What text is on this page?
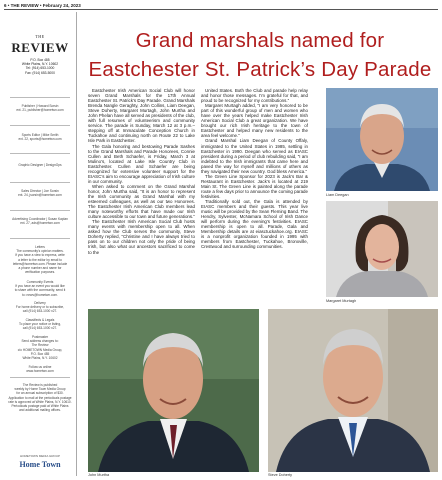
6 • THE REVIEW • February 24, 2023
THE
REVIEW
P.O. Box 485
White Plains, N.Y. 10602
Tel: (914) 653-1000
Fax: (914) 653-5000
Publisher | Howard Sorsin
ext. 21, publisher@hometwn.com
Sports Editor | Mike Smith
ext. 22, sports@hometwn.com
Graphic Designer | DesignOps
Sales Director | Joe Sorsin
ext. 24, jsorsin@hometwn.com
Advertising Coordinator | Susan Kaplan
ext. 27, ads@hometwn.com
Letters
The community's opinion matters.
If you have a view to express, write
a letter to the editor by email to
letters@hometwn.com. Please include
a phone number and name for
verification purposes.
Community Events
If you have an event you would like
to share with the community, send it
to: news@hometwn.com.
Delivery
For home delivery or to subscribe,
call (914) 653-1000 x27.
Classifieds & Legals
To place your notice or listing,
call (914) 653-1000 x27.
Postmaster
Send address changes to:
The Review
c/o HOMETOWN Media Group,
P.O. Box 485
White Plains, N.Y. 10602
Follow us online
www.hometwn.com
The Review is published
weekly by Home Town Media Group
for an annual subscription of $30.
Application to mail at the periodicals postage
rate is approved at White Plains, N.Y. 10610.
Periodicals postage paid at White Plains
and additional mailing offices.
HOMETOWN MEDIA GROUP
Home Town
Grand marshals named for
Eastchester St. Patrick’s Day Parade

Eastchester Irish American Social Club will honor seven Grand Marshals for the 17th Annual Eastchester St. Patrick’s Day Parade. Grand Marshals Brenda Nangle Geraghty, John Collins, Liam Deegan, Steve Doherty, Margaret Murtagh, John Murtha and John Phelan have all served as presidents of the club, with full resumes of volunteerism and community service. The parade is Sunday, March 12 at 3 p.m.–stepping off at Immaculate Conception Church in Tuckahoe and continuing north on Route 22 to Lake Isle Park in Eastchester.

The Gala honoring and bestowing Parade Sashes to the Grand Marshals and Parade Honorees, Connie Cullen and Beth Schaefer, is Friday, March 3 at Mulino’s, located at Lake Isle Country Club in Eastchester. Cullen and Schaefer are being recognized for extensive volunteer support for the EIASC’s aim to encourage appreciation of Irish culture in our community.

When asked to comment on the Grand Marshal honor, John Murtha said, “It is an honor to represent the Irish community as Grand Marshal with my esteemed colleagues, as well as our two Honorees. The Eastchester Irish American Club members lead many noteworthy efforts that have made our Irish culture accessible to our town and future generations.”

The Eastchester Irish American Social Club hosts many events with membership open to all. When asked how the Club serves the community, Steve Doherty replied, “Christine and I have always tried to pass on to our children not only the pride of being Irish, but also what our ancestors sacrificed to come to the

United States. Both the Club and parade help relay and honor those messages. I’m grateful for that, and proud to be recognized for my contributions.”

Margaret Murtagh added, “I am very honored to be part of this wonderful group of men and women who have over the years helped make Eastchester Irish American Social Club a great organization. We have brought our rich Irish heritage to the town of Eastchester and helped many new residents to the area feel welcome.”

Grand Marshal Liam Deegan of County Offaly, immigrated to the United States in 1985, settling in Eastchester in 1990. Deegan who served as EIASC president during a period of club rebuilding said, “I am indebted to the Irish immigrants that came here and paved the way for myself and millions of others as they navigated their new country. God bless America.”

The Green Line Sponsor for 2023 is Jack’s Bar & Restaurant in Eastchester. Jack’s is located at 219 Main St. The Green Line is painted along the parade route a few days prior to announce the coming parade festivities.

Traditionally sold out, the Gala is attended by EIASC members and their guests. This year live music will be provided by the Sean Fleming Band. The Hendry, Sylvester, McNamara School of Irish Dance will perform during the evening’s festivities. EIASC membership is open to all. Parade, Gala and Membership details are at eiasctuckahoe.org. EIASC is a nonprofit organization founded in 1995 with members from Eastchester, Tuckahoe, Bronxville, Crestwood and surrounding communities.

Liam Deegan
Margaret Murtagh
John Murtha	Steve Doherty
